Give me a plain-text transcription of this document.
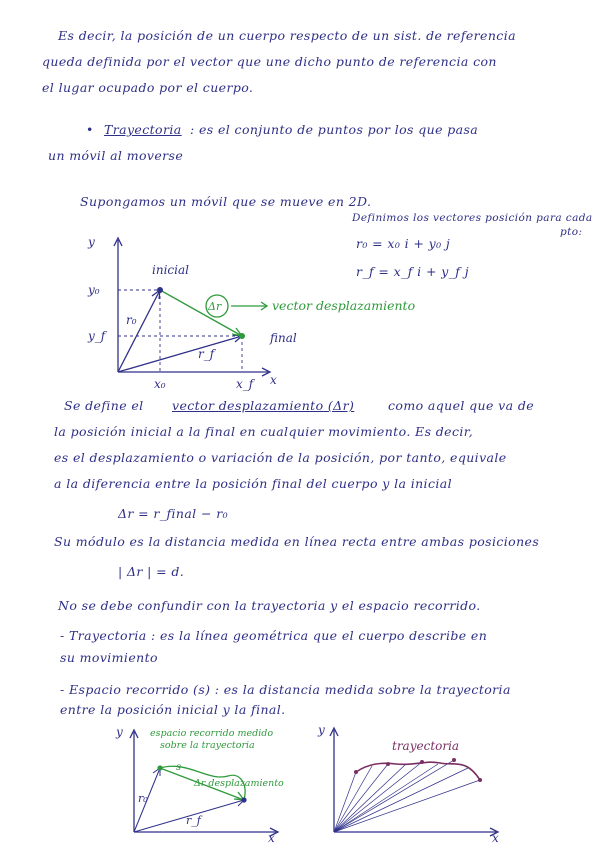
Es decir, la posición de un cuerpo respecto de un sist. de referencia
queda definida por el vector que une dicho punto de referencia con
el lugar ocupado por el cuerpo.
• Trayectoria : es el conjunto de puntos por los que pasa
un móvil al moverse
Supongamos un móvil que se mueve en 2D.
Definimos los vectores posición para cada
pto:
r₀ = x₀ i + y₀ j
r_f = x_f i + y_f j
y
x
inicial
final
y₀
y_f
x₀	x_f
r₀
r_f
Δr	vector desplazamiento
Se define el vector desplazamiento (Δr)	como aquel que va de
la posición inicial a la final en cualquier movimiento. Es decir,
es el desplazamiento o variación de la posición, por tanto, equivale
a la diferencia entre la posición final del cuerpo y la inicial
Δr = r_final − r₀
Su módulo es la distancia medida en línea recta entre ambas posiciones
| Δr | = d.
No se debe confundir con la trayectoria y el espacio recorrido.
- Trayectoria : es la línea geométrica que el cuerpo describe en
su movimiento
- Espacio recorrido (s) : es la distancia medida sobre la trayectoria
entre la posición inicial y la final.
y
x
espacio recorrido medido
sobre la trayectoria
r₀
r_f
Δr desplazamiento
s
y
x
trayectoria
